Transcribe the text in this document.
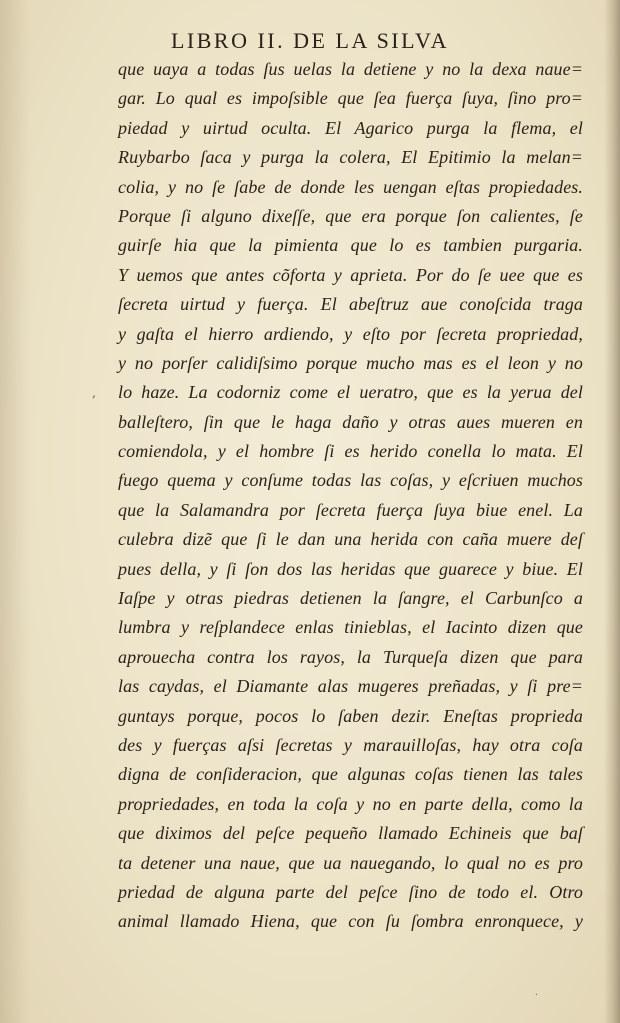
LIBRO II. DE LA SILVA
que uaya a todas ſus uelas la detiene y no la dexa naue=
gar. Lo qual es impoſsible que ſea fuerça ſuya, ſino pro=
piedad y uirtud oculta. El Agarico purga la flema, el
Ruybarbo ſaca y purga la colera, El Epitimio la melan=
colia, y no ſe ſabe de donde les uengan eſtas propiedades.
Porque ſi alguno dixeſſe, que era porque ſon calientes, ſe
guirſe hia que la pimienta que lo es tambien purgaria.
Y uemos que antes cõforta y aprieta. Por do ſe uee que es
ſecreta uirtud y fuerça. El abeſtruz aue conoſcida traga
y gaſta el hierro ardiendo, y eſto por ſecreta propriedad,
y no porſer calidiſsimo porque mucho mas es el leon y no
lo haze. La codorniz come el ueratro, que es la yerua del
balleſtero, ſin que le haga daño y otras aues mueren en
comiendola, y el hombre ſi es herido conella lo mata. El
fuego quema y conſume todas las coſas, y eſcriuen muchos
que la Salamandra por ſecreta fuerça ſuya biue enel. La
culebra dizẽ que ſi le dan una herida con caña muere deſ
pues della, y ſi ſon dos las heridas que guarece y biue. El
Iaſpe y otras piedras detienen la ſangre, el Carbunſco a
lumbra y reſplandece enlas tinieblas, el Iacinto dizen que
aprouecha contra los rayos, la Turqueſa dizen que para
las caydas, el Diamante alas mugeres preñadas, y ſi pre=
guntays porque, pocos lo ſaben dezir. Eneſtas proprieda
des y fuerças aſsi ſecretas y marauilloſas, hay otra coſa
digna de conſideracion, que algunas coſas tienen las tales
propriedades, en toda la coſa y no en parte della, como la
que diximos del peſce pequeño llamado Echineis que baſ
ta detener una naue, que ua nauegando, lo qual no es pro
priedad de alguna parte del peſce ſino de todo el. Otro
animal llamado Hiena, que con ſu ſombra enronquece, y
‚
·
